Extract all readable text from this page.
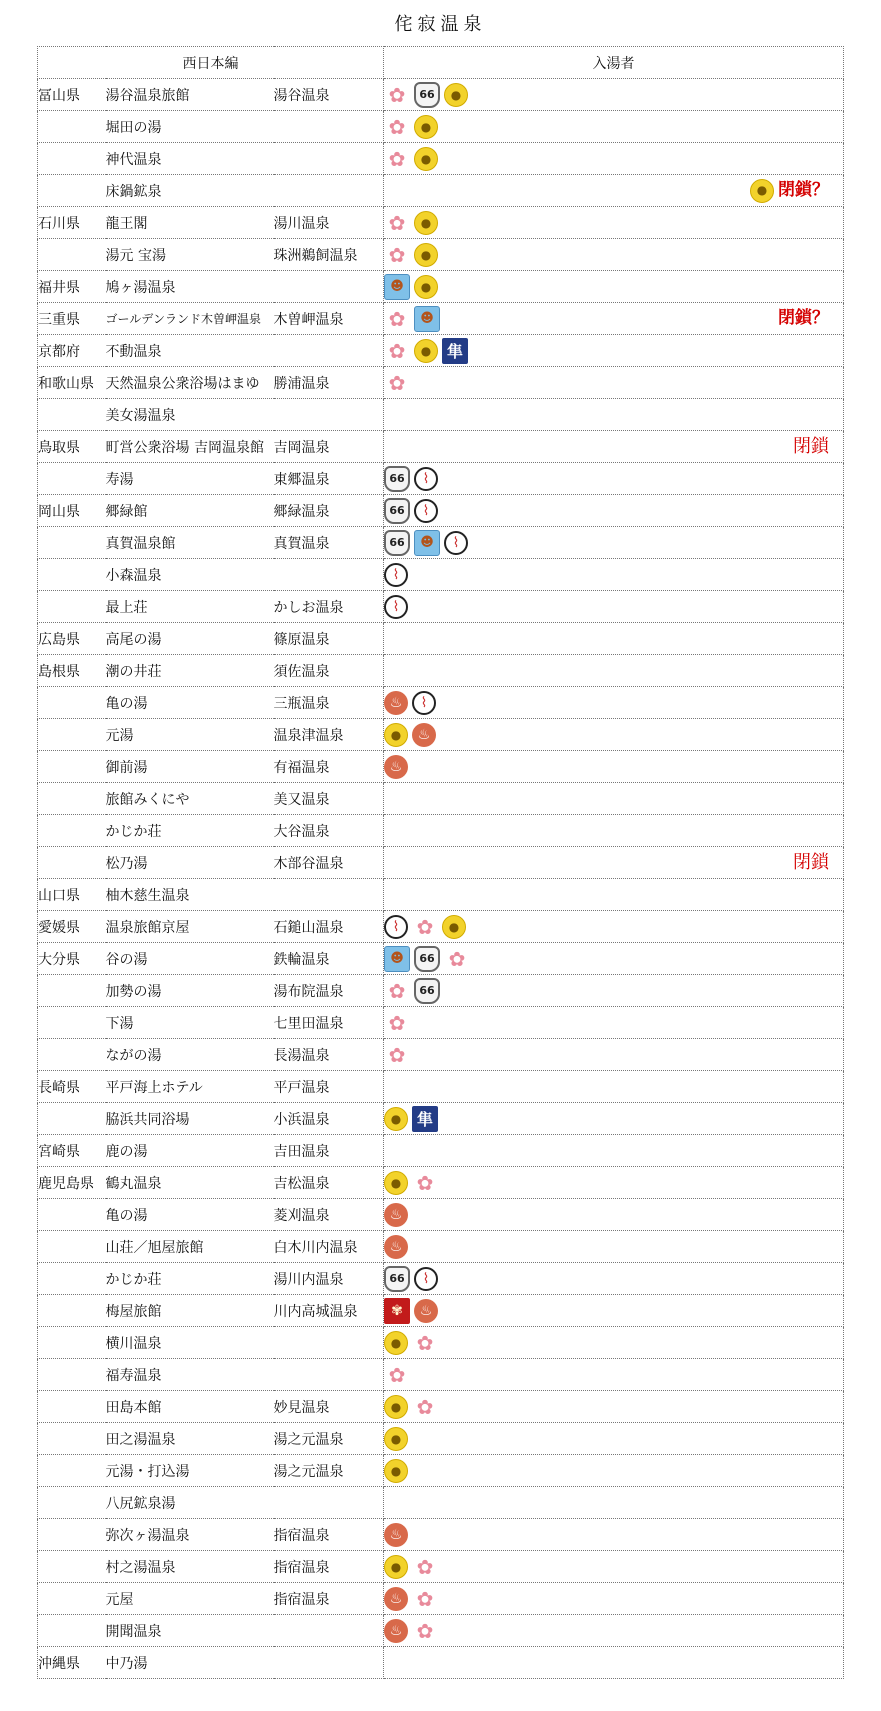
侘寂温泉
西日本編			入湯者
冨山県	湯谷温泉旅館	湯谷温泉	✿ 66 ●

	堀田の湯		✿ ●

	神代温泉		✿ ●

	床鍋鉱泉		● 閉鎖？

石川県	龍王閣	湯川温泉	✿ ●

	湯元 宝湯	珠洲鵜飼温泉	✿ ●

福井県	鳩ヶ湯温泉		☻ ●

三重県	ゴールデンランド木曽岬温泉	木曽岬温泉	✿ ☻ 閉鎖？

京都府	不動温泉		✿ ● 隼

和歌山県	天然温泉公衆浴場はまゆ	勝浦温泉	✿

	美女湯温泉		

鳥取県	町営公衆浴場 吉岡温泉館	吉岡温泉	閉鎖

	寿湯	東郷温泉	66 ⌇

岡山県	郷緑館	郷緑温泉	66 ⌇

	真賀温泉館	真賀温泉	66 ☻ ⌇

	小森温泉		⌇

	最上荘	かしお温泉	⌇

広島県	高尾の湯	篠原温泉	

島根県	潮の井荘	須佐温泉	

	亀の湯	三瓶温泉	♨ ⌇

	元湯	温泉津温泉	● ♨

	御前湯	有福温泉	♨

	旅館みくにや	美又温泉	

	かじか荘	大谷温泉	

	松乃湯	木部谷温泉	閉鎖

山口県	柚木慈生温泉		

愛媛県	温泉旅館京屋	石鎚山温泉	⌇ ✿ ●

大分県	谷の湯	鉄輪温泉	☻ 66 ✿

	加勢の湯	湯布院温泉	✿ 66

	下湯	七里田温泉	✿

	ながの湯	長湯温泉	✿

長崎県	平戸海上ホテル	平戸温泉	

	脇浜共同浴場	小浜温泉	● 隼

宮崎県	鹿の湯	吉田温泉	

鹿児島県	鶴丸温泉	吉松温泉	● ✿

	亀の湯	菱刈温泉	♨

	山荘／旭屋旅館	白木川内温泉	♨

	かじか荘	湯川内温泉	66 ⌇

	梅屋旅館	川内高城温泉	✾ ♨

	横川温泉		● ✿

	福寿温泉		✿

	田島本館	妙見温泉	● ✿

	田之湯温泉	湯之元温泉	●

	元湯・打込湯	湯之元温泉	●

	八尻鉱泉湯		

	弥次ヶ湯温泉	指宿温泉	♨

	村之湯温泉	指宿温泉	● ✿

	元屋	指宿温泉	♨ ✿

	開聞温泉		♨ ✿

沖縄県	中乃湯		
